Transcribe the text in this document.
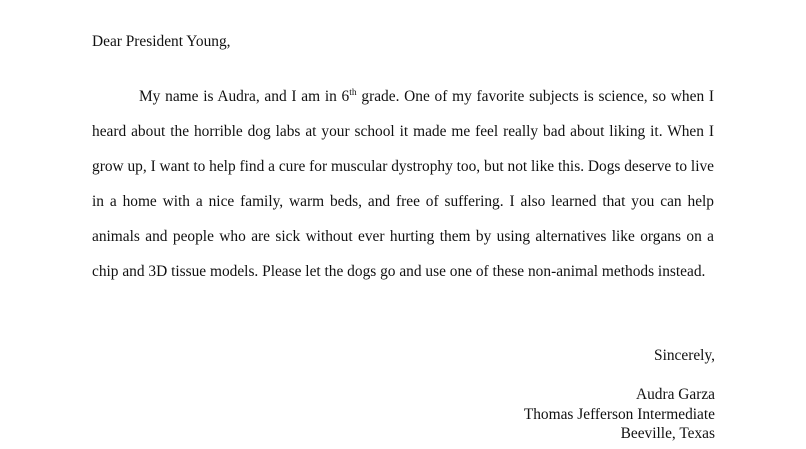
Dear President Young,

My name is Audra, and I am in 6th grade. One of my favorite subjects is science, so when I heard about the horrible dog labs at your school it made me feel really bad about liking it. When I grow up, I want to help find a cure for muscular dystrophy too, but not like this. Dogs deserve to live in a home with a nice family, warm beds, and free of suffering. I also learned that you can help animals and people who are sick without ever hurting them by using alternatives like organs on a chip and 3D tissue models. Please let the dogs go and use one of these non-animal methods instead.

Sincerely,
Audra Garza
Thomas Jefferson Intermediate
Beeville, Texas
